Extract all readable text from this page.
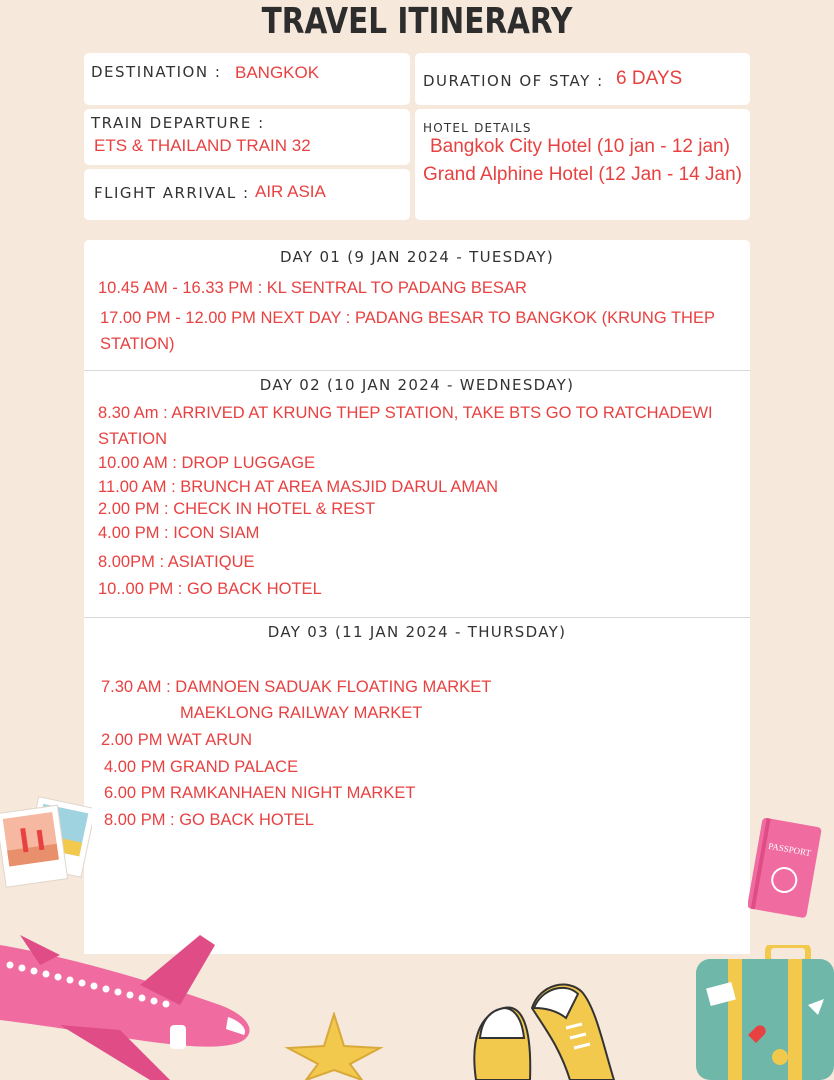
TRAVEL ITINERARY
DESTINATION : BANGKOK	DURATION OF STAY : 6 DAYS
TRAIN DEPARTURE :
ETS & THAILAND TRAIN 32
FLIGHT ARRIVAL : AIR ASIA
HOTEL DETAILS
Bangkok City Hotel (10 jan - 12 jan)
Grand Alphine Hotel (12 Jan - 14 Jan)
DAY 01 (9 JAN 2024 - TUESDAY)
10.45 AM - 16.33 PM : KL SENTRAL TO PADANG BESAR
17.00 PM - 12.00 PM NEXT DAY : PADANG BESAR TO BANGKOK (KRUNG THEP
STATION)
DAY 02 (10 JAN 2024 - WEDNESDAY)
8.30 Am : ARRIVED AT KRUNG THEP STATION, TAKE BTS GO TO RATCHADEWI
STATION
10.00 AM : DROP LUGGAGE
11.00 AM : BRUNCH AT AREA MASJID DARUL AMAN
2.00 PM : CHECK IN HOTEL & REST
4.00 PM : ICON SIAM
8.00PM : ASIATIQUE
10..00 PM : GO BACK HOTEL
DAY 03 (11 JAN 2024 - THURSDAY)
7.30 AM : DAMNOEN SADUAK FLOATING MARKET
MAEKLONG RAILWAY MARKET
2.00 PM WAT ARUN
4.00 PM GRAND PALACE
6.00 PM RAMKANHAEN NIGHT MARKET
8.00 PM : GO BACK HOTEL
PASSPORT
